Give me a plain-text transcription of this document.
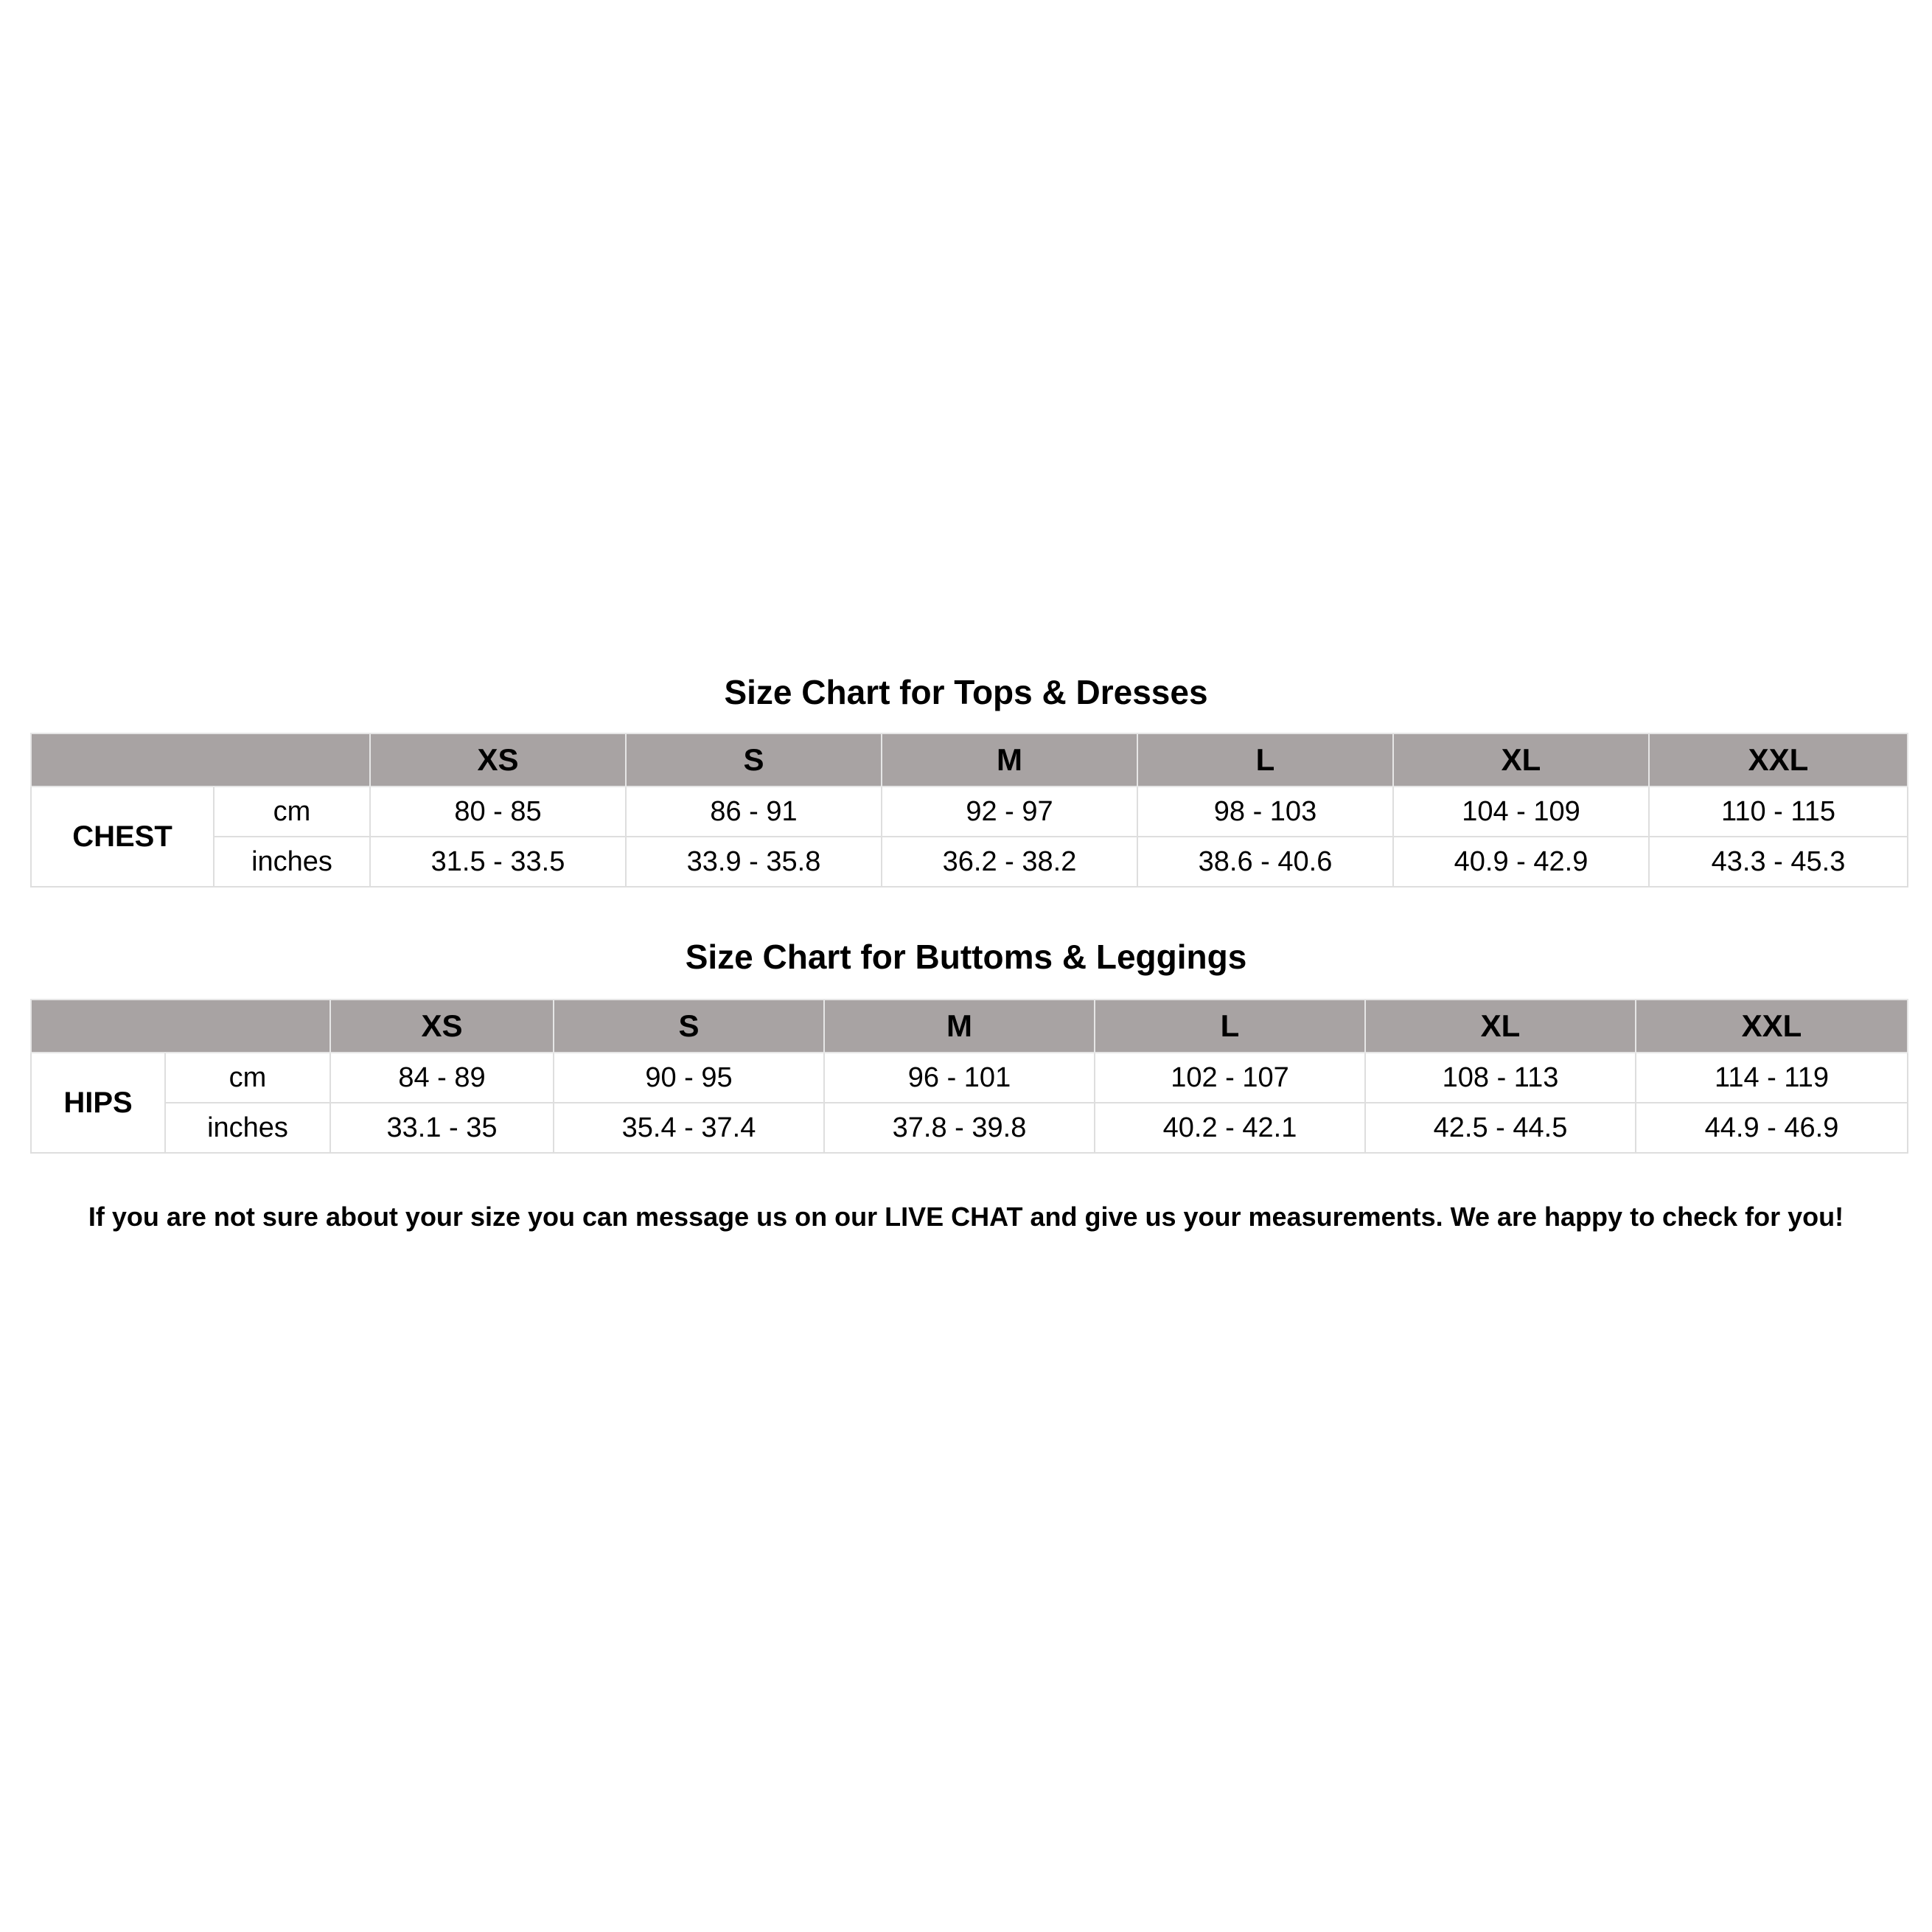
Size Chart for Tops & Dresses
		XS	S	M	L	XL	XXL
CHEST	cm	80 - 85	86 - 91	92 - 97	98 - 103	104 - 109	110 - 115
	inches	31.5 - 33.5	33.9 - 35.8	36.2 - 38.2	38.6 - 40.6	40.9 - 42.9	43.3 - 45.3
Size Chart for Buttoms & Leggings
		XS	S	M	L	XL	XXL
HIPS	cm	84 - 89	90 - 95	96 - 101	102 - 107	108 - 113	114 - 119
	inches	33.1 - 35	35.4 - 37.4	37.8 - 39.8	40.2 - 42.1	42.5 - 44.5	44.9 - 46.9
If you are not sure about your size you can message us on our LIVE CHAT and give us your measurements. We are happy to check for you!
